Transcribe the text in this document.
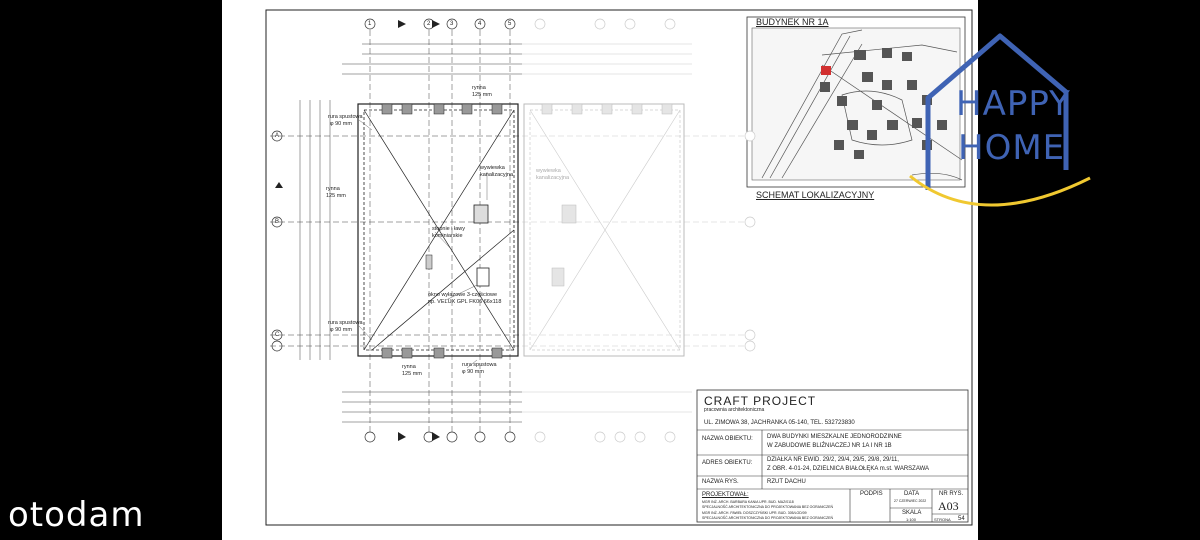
BUDYNEK NR 1A
SCHEMAT LOKALIZACYJNY
1	2	3	4	5
A
B
C
rura spustowa
φ 90 mm
rynna
125 mm
rynna
125 mm
wywiewka
kanalizacyjna
wywiewka
kanalizacyjna
stopnie i ławy
kominiarskie
okno wyłazowe 3-częściowe
np. VELUX GPL FK06 66x118
rura spustowa
φ 90 mm
rynna
125 mm
rura spustowa
φ 90 mm
CRAFT PROJECT
pracownia architektoniczna
UL. ZIMOWA 38, JACHRANKA 05-140, TEL. 532723830
NAZWA OBIEKTU: DWA BUDYNKI MIESZKALNE JEDNORODZINNE
W ZABUDOWIE BLIŹNIACZEJ NR 1A I NR 1B
ADRES OBIEKTU: DZIAŁKA NR EWID. 29/2, 29/4, 29/5, 29/8, 29/11,
Z OBR. 4-01-24, DZIELNICA BIAŁOŁĘKA m.st. WARSZAWA
NAZWA RYS.	RZUT DACHU
PROJEKTOWAŁ:
MGR INŻ. ARCH. BARBARA KANIA UPR. BUD. MAZ/0118
SPECJALNOŚĆ ARCHITEKTONICZNA DO PROJEKTOWANIA BEZ OGRANICZEŃ
MGR INŻ. ARCH. PAWEŁ DOSZCZYŃSKI UPR. BUD. 305/LOD/09
SPECJALNOŚĆ ARCHITEKTONICZNA DO PROJEKTOWANIA BEZ OGRANICZEŃ
PODPIS	DATA
27 CZERWIEC 2022
SKALA
1:100
NR RYS.
A03
STRONA 54
HAPPY
HOME
otodam
